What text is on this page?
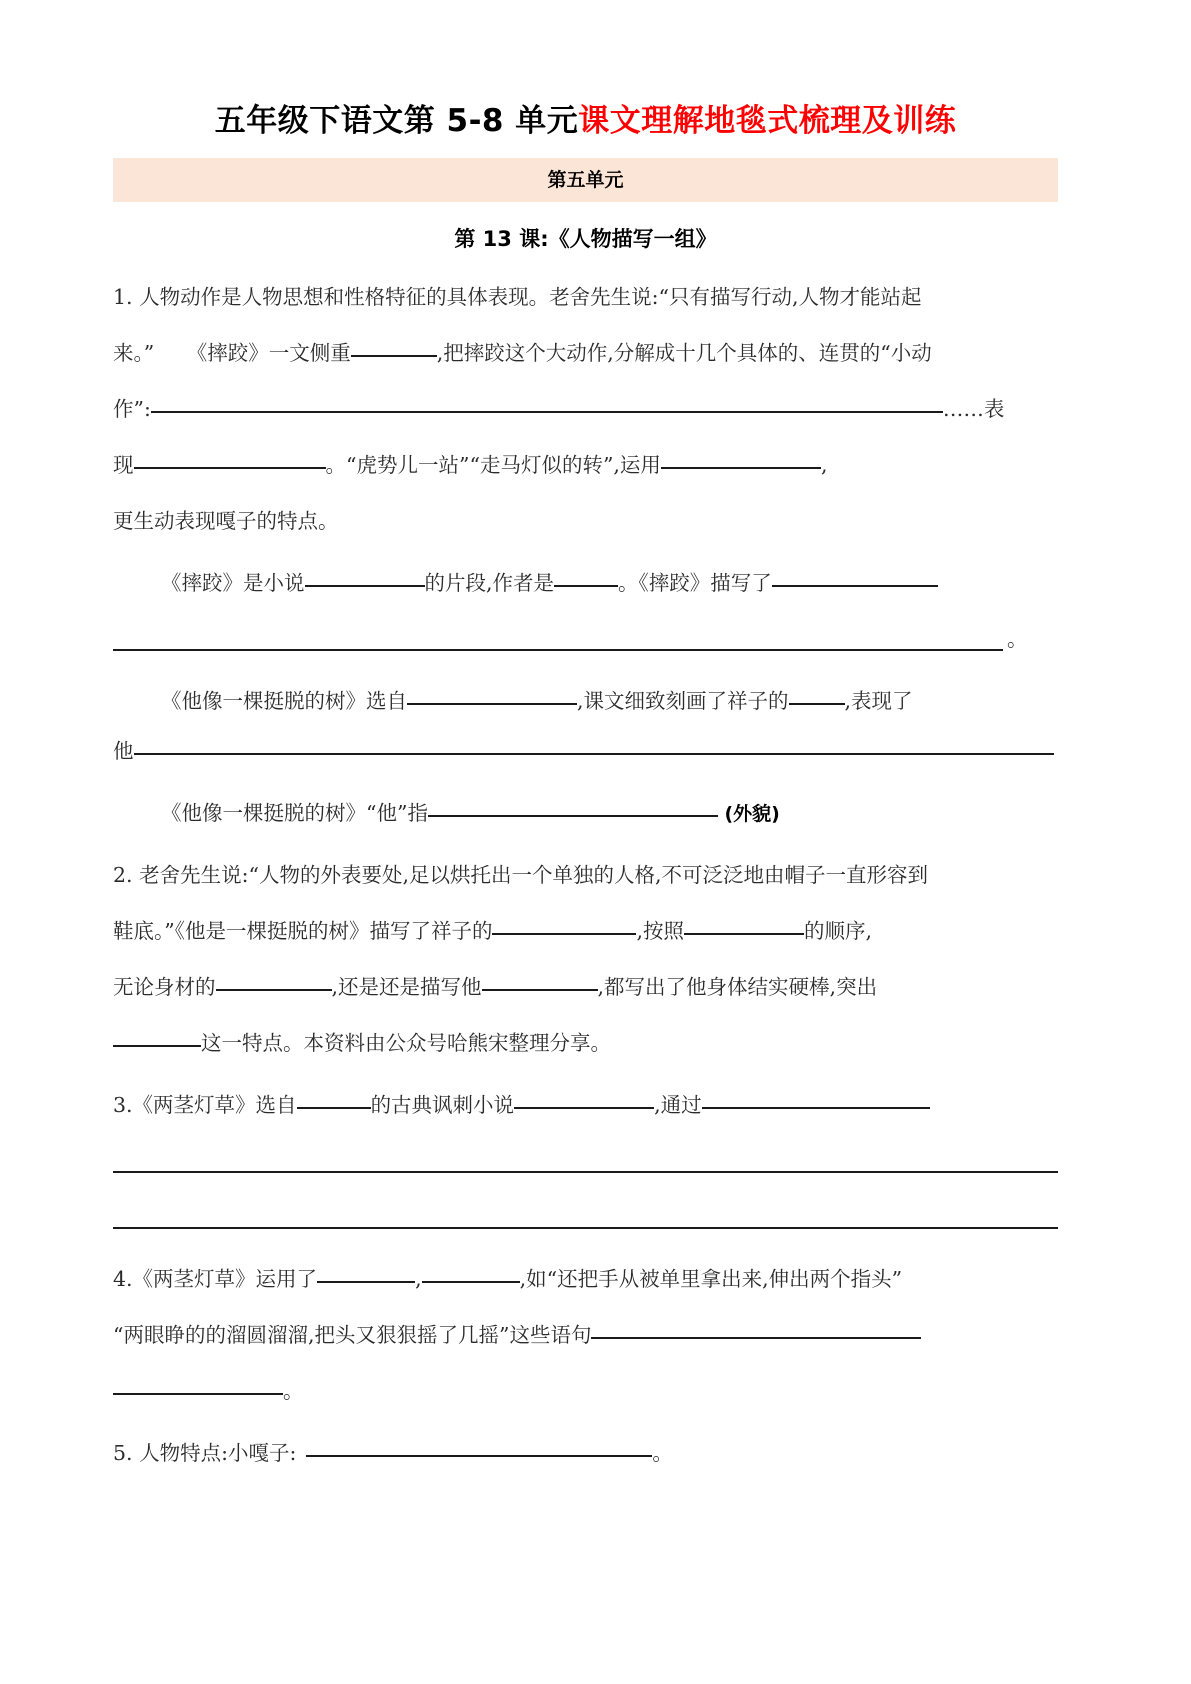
五年级下语文第 5-8 单元课文理解地毯式梳理及训练
第五单元
第 13 课:《人物描写一组》
1. 人物动作是人物思想和性格特征的具体表现。老舍先生说:“只有描写行动,人物才能站起
来。” 《摔跤》一文侧重	,把摔跤这个大动作,分解成十几个具体的、连贯的“小动
作”:	……表
现	。“虎势儿一站”“走马灯似的转”,运用	,
更生动表现嘎子的特点。
《摔跤》是小说	的片段,作者是	。《摔跤》描写了
。
《他像一棵挺脱的树》选自	,课文细致刻画了祥子的	,表现了
他
《他像一棵挺脱的树》“他”指	(外貌)
2. 老舍先生说:“人物的外表要处,足以烘托出一个单独的人格,不可泛泛地由帽子一直形容到
鞋底。”《他是一棵挺脱的树》描写了祥子的	,按照	的顺序,
无论身材的	,还是还是描写他	,都写出了他身体结实硬棒,突出
这一特点。本资料由公众号哈熊宋整理分享。
3.《两茎灯草》选自	的古典讽刺小说	,通过
4.《两茎灯草》运用了	,	,如“还把手从被单里拿出来,伸出两个指头”
“两眼睁的的溜圆溜溜,把头又狠狠摇了几摇”这些语句
。
5. 人物特点:小嘎子:	。
